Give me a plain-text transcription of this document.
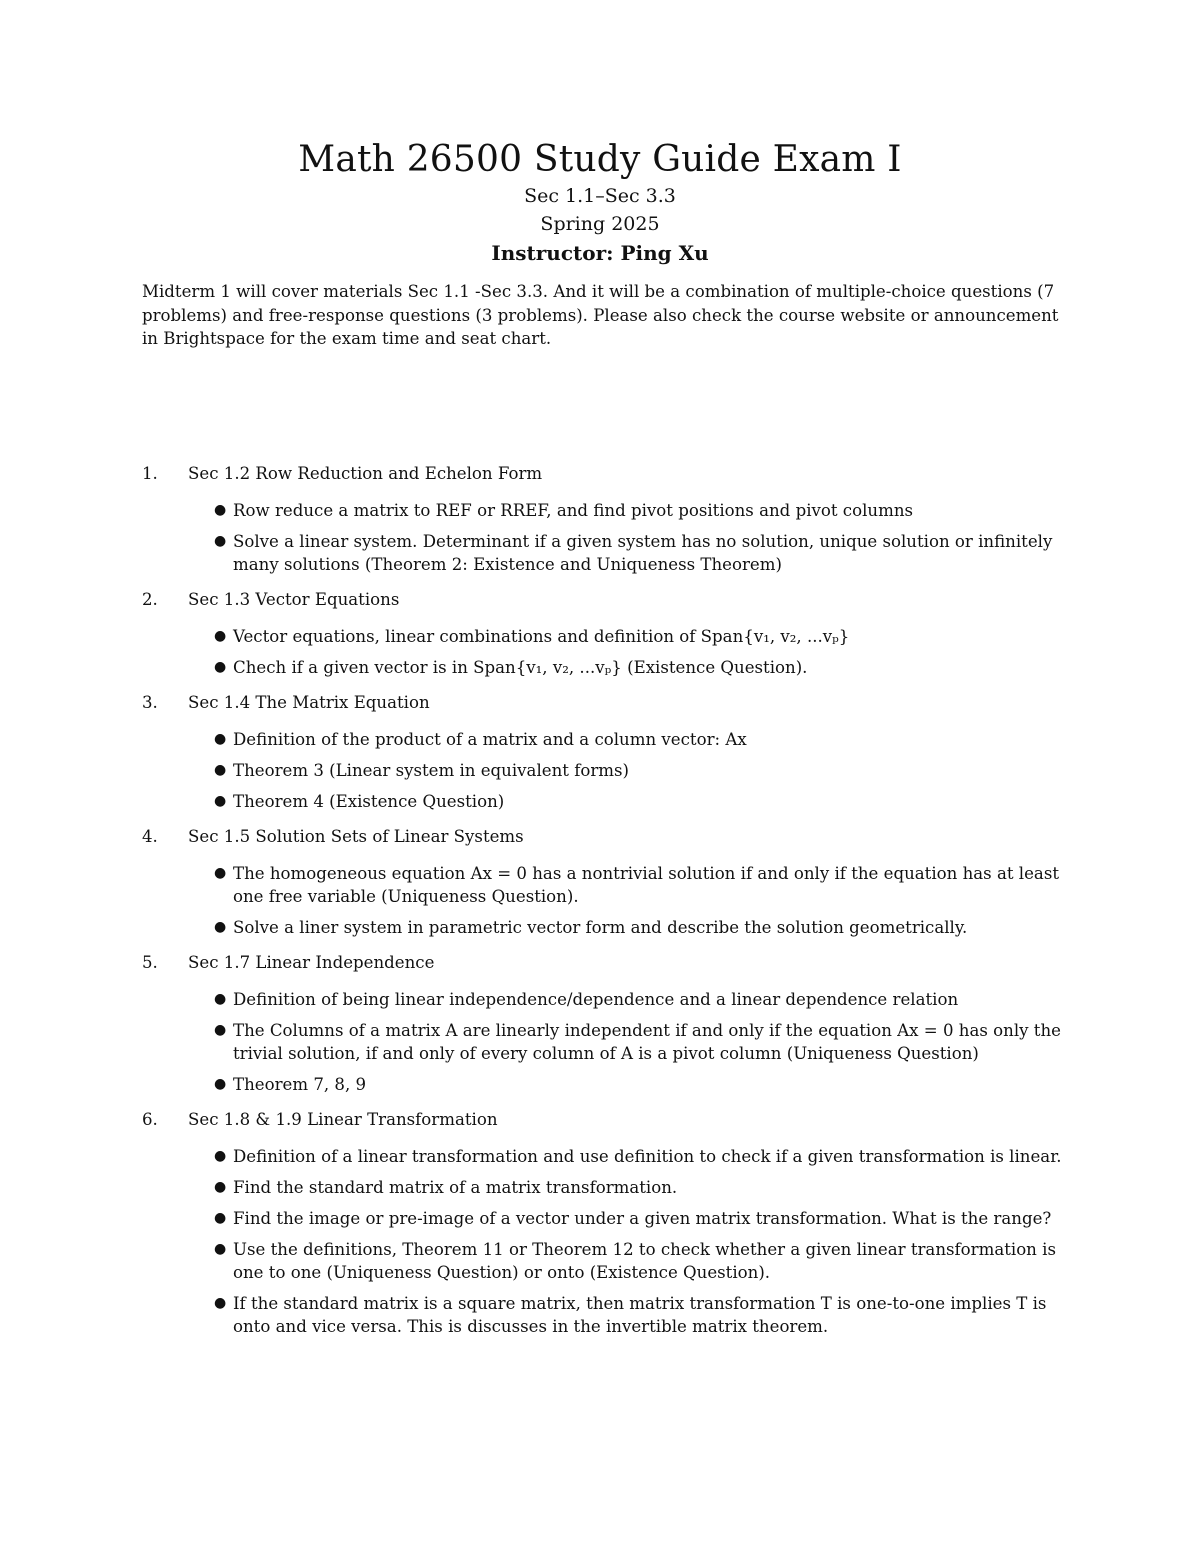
Math 26500 Study Guide Exam I

Sec 1.1–Sec 3.3

Spring 2025

Instructor: Ping Xu

Midterm 1 will cover materials Sec 1.1 -Sec 3.3. And it will be a combination of multiple-choice questions (7 problems) and free-response questions (3 problems). Please also check the course website or announcement in Brightspace for the exam time and seat chart.

1.	Sec 1.2 Row Reduction and Echelon Form
● Row reduce a matrix to REF or RREF, and find pivot positions and pivot columns
● Solve a linear system. Determinant if a given system has no solution, unique solution or infinitely many solutions (Theorem 2: Existence and Uniqueness Theorem)
2.	Sec 1.3 Vector Equations
● Vector equations, linear combinations and definition of Span{v₁, v₂, ...vₚ}
● Chech if a given vector is in Span{v₁, v₂, ...vₚ} (Existence Question).
3.	Sec 1.4 The Matrix Equation
● Definition of the product of a matrix and a column vector: Ax
● Theorem 3 (Linear system in equivalent forms)
● Theorem 4 (Existence Question)
4.	Sec 1.5 Solution Sets of Linear Systems
● The homogeneous equation Ax = 0 has a nontrivial solution if and only if the equation has at least one free variable (Uniqueness Question).
● Solve a liner system in parametric vector form and describe the solution geometrically.
5.	Sec 1.7 Linear Independence
● Definition of being linear independence/dependence and a linear dependence relation
● The Columns of a matrix A are linearly independent if and only if the equation Ax = 0 has only the trivial solution, if and only of every column of A is a pivot column (Uniqueness Question)
● Theorem 7, 8, 9
6.	Sec 1.8 & 1.9 Linear Transformation
● Definition of a linear transformation and use definition to check if a given transformation is linear.
● Find the standard matrix of a matrix transformation.
● Find the image or pre-image of a vector under a given matrix transformation. What is the range?
● Use the definitions, Theorem 11 or Theorem 12 to check whether a given linear transformation is one to one (Uniqueness Question) or onto (Existence Question).
● If the standard matrix is a square matrix, then matrix transformation T is one-to-one implies T is onto and vice versa. This is discusses in the invertible matrix theorem.
